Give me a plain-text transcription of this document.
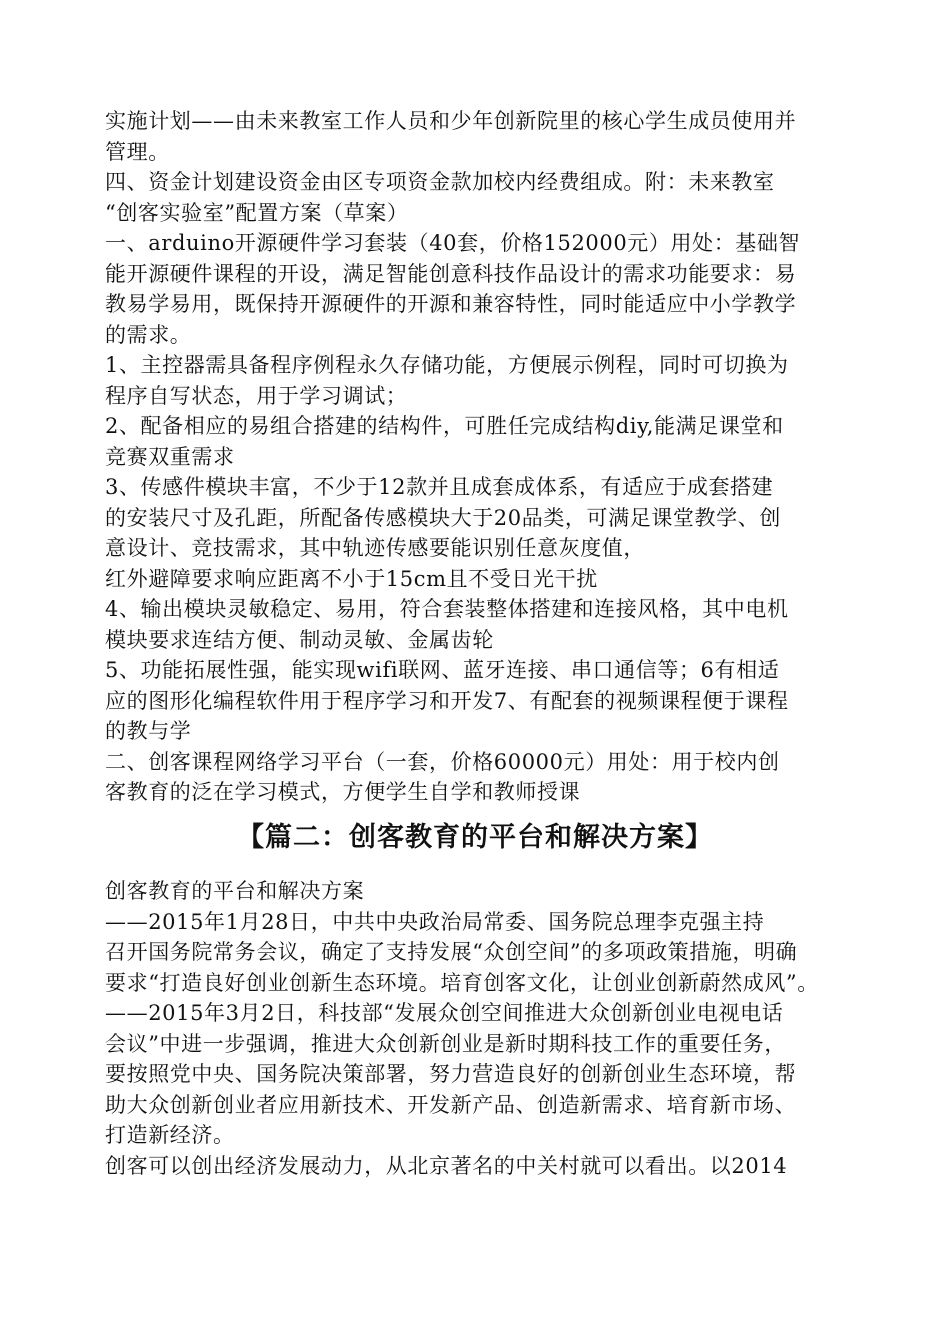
实施计划——由未来教室工作人员和少年创新院里的核心学生成员使用并
管理。
四、资金计划建设资金由区专项资金款加校内经费组成。附：未来教室
“创客实验室”配置方案（草案）
一、arduino开源硬件学习套装（40套，价格152000元）用处：基础智
能开源硬件课程的开设，满足智能创意科技作品设计的需求功能要求：易
教易学易用，既保持开源硬件的开源和兼容特性，同时能适应中小学教学
的需求。
1、主控器需具备程序例程永久存储功能，方便展示例程，同时可切换为
程序自写状态，用于学习调试；
2、配备相应的易组合搭建的结构件，可胜任完成结构diy,能满足课堂和
竞赛双重需求
3、传感件模块丰富，不少于12款并且成套成体系，有适应于成套搭建
的安装尺寸及孔距，所配备传感模块大于20品类，可满足课堂教学、创
意设计、竞技需求，其中轨迹传感要能识别任意灰度值，
红外避障要求响应距离不小于15cm且不受日光干扰
4、输出模块灵敏稳定、易用，符合套装整体搭建和连接风格，其中电机
模块要求连结方便、制动灵敏、金属齿轮
5、功能拓展性强，能实现wifi联网、蓝牙连接、串口通信等；6有相适
应的图形化编程软件用于程序学习和开发7、有配套的视频课程便于课程
的教与学
二、创客课程网络学习平台（一套，价格60000元）用处：用于校内创
客教育的泛在学习模式，方便学生自学和教师授课
【篇二：创客教育的平台和解决方案】
创客教育的平台和解决方案
——2015年1月28日，中共中央政治局常委、国务院总理李克强主持
召开国务院常务会议，确定了支持发展“众创空间”的多项政策措施，明确
要求“打造良好创业创新生态环境。培育创客文化，让创业创新蔚然成风”。
——2015年3月2日，科技部“发展众创空间推进大众创新创业电视电话
会议”中进一步强调，推进大众创新创业是新时期科技工作的重要任务，
要按照党中央、国务院决策部署，努力营造良好的创新创业生态环境，帮
助大众创新创业者应用新技术、开发新产品、创造新需求、培育新市场、
打造新经济。
创客可以创出经济发展动力，从北京著名的中关村就可以看出。以2014
